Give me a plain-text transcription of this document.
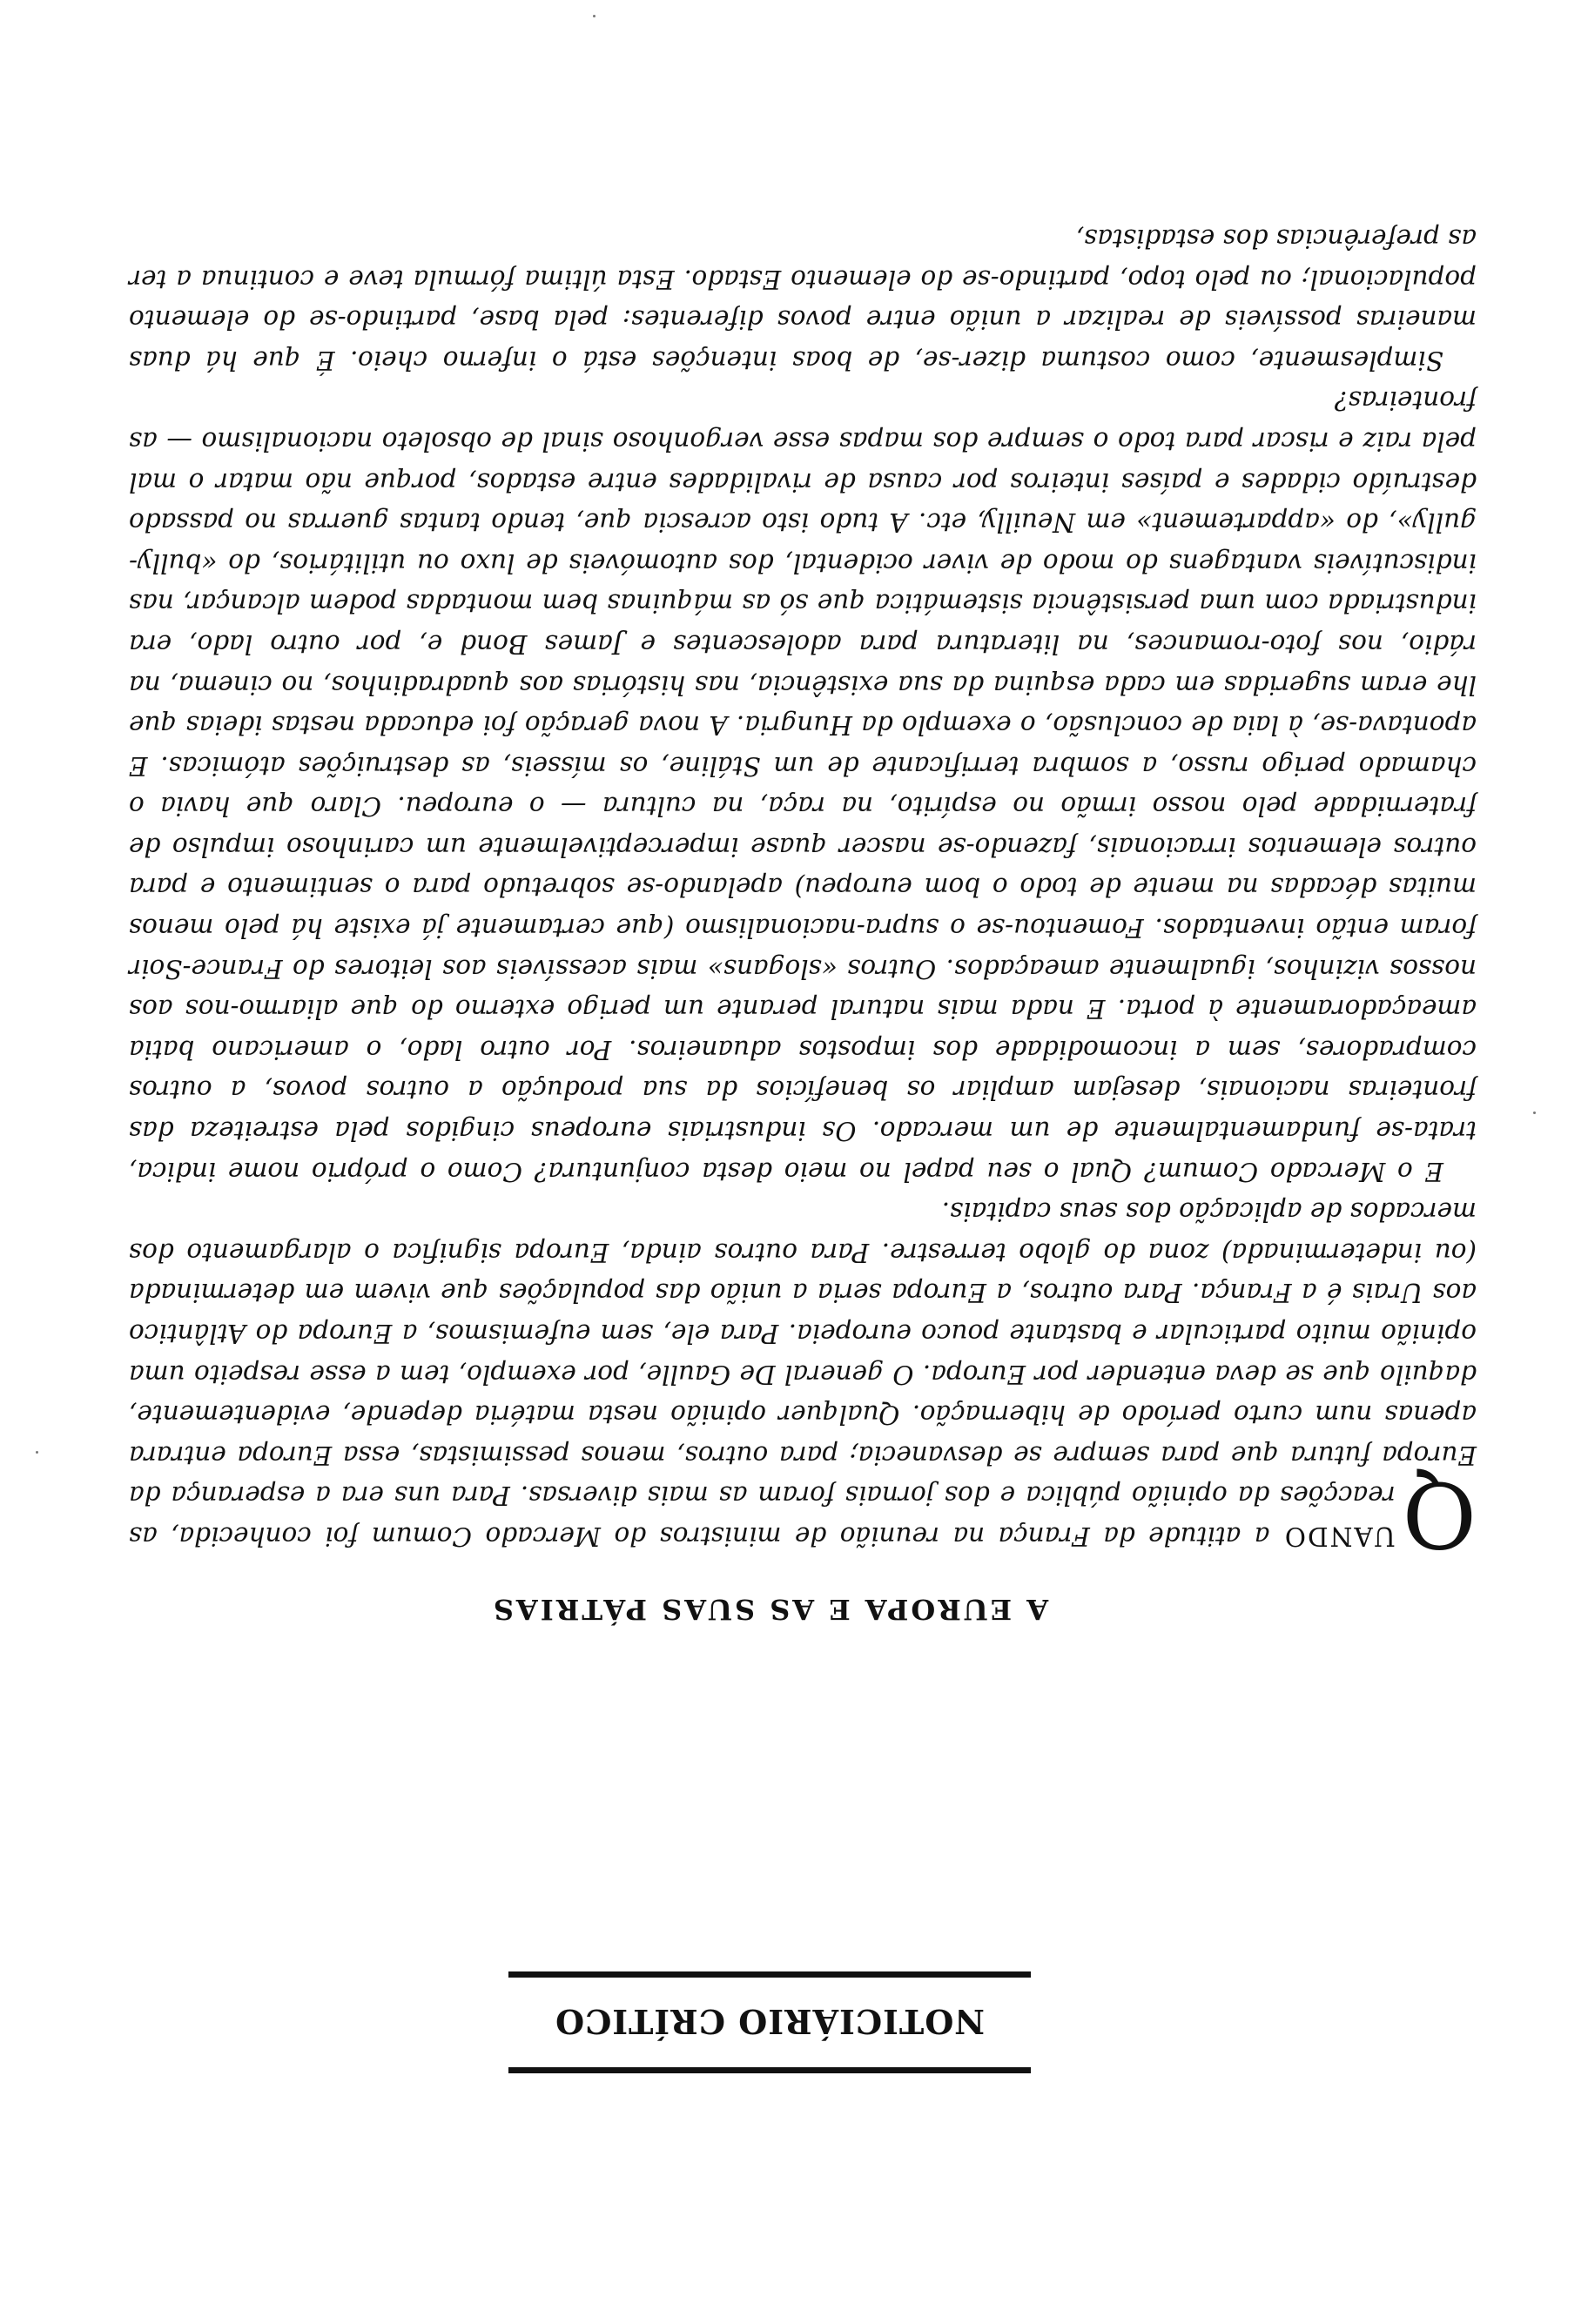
NOTICIÁRIO CRÍTICO
A EUROPA E AS SUAS PÁTRIAS

Q
UANDO a atitude da França na reunião de ministros do Mercado Comum foi conhecida, as reacções da opinião pública e dos jornais foram as mais diversas. Para uns era a esperança da Europa futura que para sempre se desvanecia; para outros, menos pessimistas, essa Europa entrara apenas num curto período de hibernação. Qualquer opinião nesta matéria depende, evidentemente, daquilo que se deva entender por Europa. O general De Gaulle, por exemplo, tem a esse respeito uma opinião muito particular e bastante pouco europeia. Para ele, sem eufemismos, a Europa do Atlântico aos Urais é a França. Para outros, a Europa seria a união das populações que vivem em determinada (ou indeterminada) zona do globo terrestre. Para outros ainda, Europa significa o alargamento dos mercados de aplicação dos seus capitais.

E o Mercado Comum? Qual o seu papel no meio desta conjuntura? Como o próprio nome indica, trata-se fundamentalmente de um mercado. Os industriais europeus cingidos pela estreiteza das fronteiras nacionais, desejam ampliar os benefícios da sua produção a outros povos, a outros compradores, sem a incomodidade dos impostos aduaneiros. Por outro lado, o americano batia ameaçadoramente à porta. E nada mais natural perante um perigo externo do que aliarmo-nos aos nossos vizinhos, igualmente ameaçados. Outros «slogans» mais acessíveis aos leitores do France-Soir foram então inventados. Fomentou-se o supra-nacionalismo (que certamente já existe há pelo menos muitas décadas na mente de todo o bom europeu) apelando-se sobretudo para o sentimento e para outros elementos irracionais, fazendo-se nascer quase imperceptivelmente um carinhoso impulso de fraternidade pelo nosso irmão no espírito, na raça, na cultura — o europeu. Claro que havia o chamado perigo russo, a sombra terrificante de um Stáline, os mísseis, as destruições atómicas. E apontava-se, à laia de conclusão, o exemplo da Hungria. A nova geração foi educada nestas ideias que lhe eram sugeridas em cada esquina da sua existência, nas histórias aos quadradinhos, no cinema, na rádio, nos foto-romances, na literatura para adolescentes e James Bond e, por outro lado, era industriada com uma persistência sistemática que só as máquinas bem montadas podem alcançar, nas indiscutíveis vantagens do modo de viver ocidental, dos automóveis de luxo ou utilitários, do «bully-gully», do «appartement» em Neuilly, etc. A tudo isto acrescia que, tendo tantas guerras no passado destruído cidades e países inteiros por causa de rivalidades entre estados, porque não matar o mal pela raiz e riscar para todo o sempre dos mapas esse vergonhoso sinal de obsoleto nacionalismo — as fronteiras?

Simplesmente, como costuma dizer-se, de boas intenções está o inferno cheio. É que há duas maneiras possíveis de realizar a união entre povos diferentes: pela base, partindo-se do elemento populacional; ou pelo topo, partindo-se do elemento Estado. Esta última fórmula teve e continua a ter as preferências dos estadistas,
